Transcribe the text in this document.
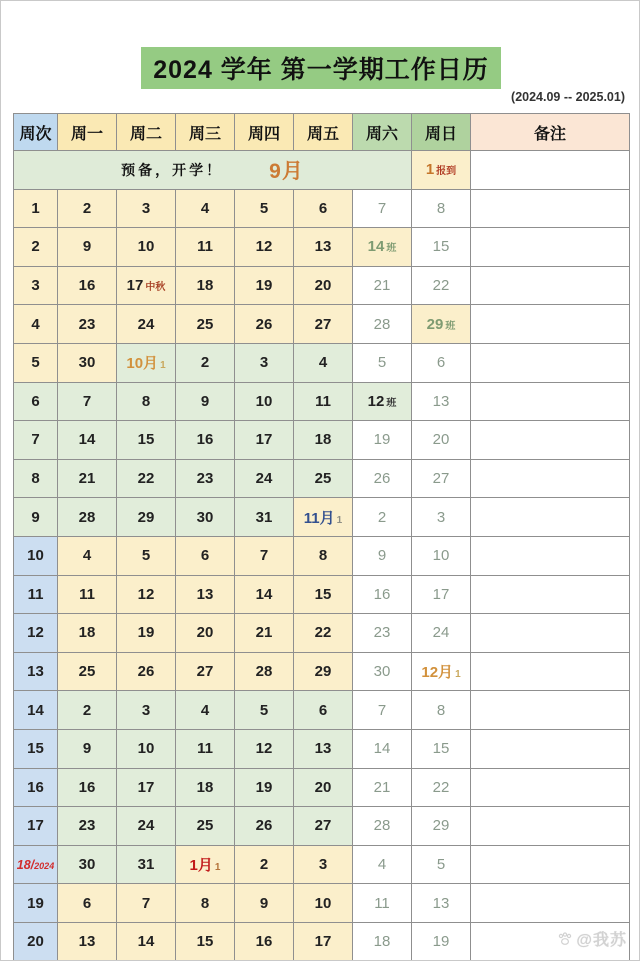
2024 学年 第一学期工作日历
(2024.09 -- 2025.01)
周次	周一	周二	周三	周四	周五	周六	周日	备注

预备，开学！ 9月							1 报到	
1	2	3	4	5	6	7	8	
2	9	10	11	12	13	14 班	15	
3	16	17 中秋	18	19	20	21	22	
4	23	24	25	26	27	28	29 班	
5	30	10月 1	2	3	4	5	6	
6	7	8	9	10	11	12 班	13	
7	14	15	16	17	18	19	20	
8	21	22	23	24	25	26	27	
9	28	29	30	31	11月 1	2	3	
10	4	5	6	7	8	9	10	
11	11	12	13	14	15	16	17	
12	18	19	20	21	22	23	24	
13	25	26	27	28	29	30	12月 1	
14	2	3	4	5	6	7	8	
15	9	10	11	12	13	14	15	
16	16	17	18	19	20	21	22	
17	23	24	25	26	27	28	29	
18/2024	30	31	1月 1	2	3	4	5	
19	6	7	8	9	10	11	13	
20	13	14	15	16	17	18	19		@我苏
